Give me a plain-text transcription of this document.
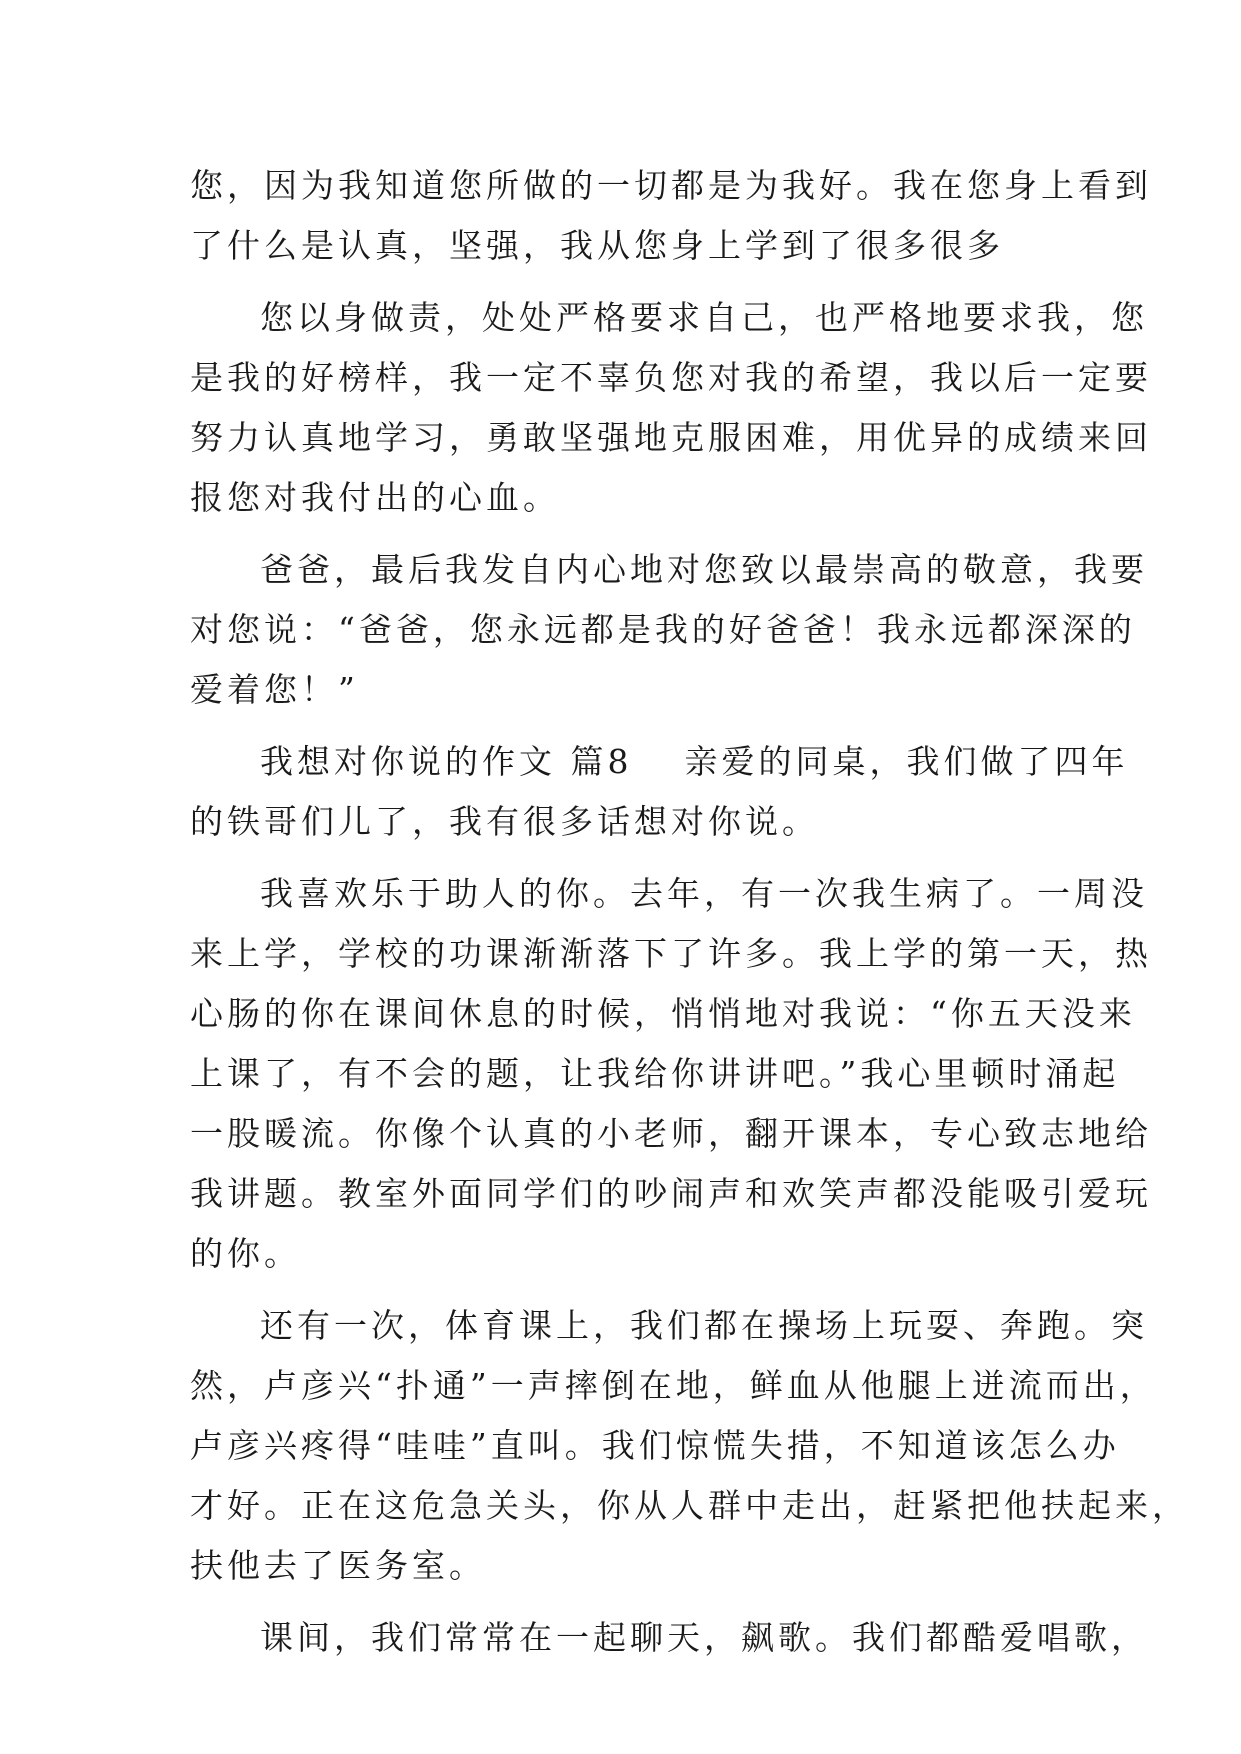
您，因为我知道您所做的一切都是为我好。我在您身上看到
了什么是认真，坚强，我从您身上学到了很多很多
您以身做责，处处严格要求自己，也严格地要求我，您
是我的好榜样，我一定不辜负您对我的希望，我以后一定要
努力认真地学习，勇敢坚强地克服困难，用优异的成绩来回
报您对我付出的心血。
爸爸，最后我发自内心地对您致以最崇高的敬意，我要
对您说：“爸爸，您永远都是我的好爸爸！我永远都深深的
爱着您！”
我想对你说的作文 篇8 亲爱的同桌，我们做了四年
的铁哥们儿了，我有很多话想对你说。
我喜欢乐于助人的你。去年，有一次我生病了。一周没
来上学，学校的功课渐渐落下了许多。我上学的第一天，热
心肠的你在课间休息的时候，悄悄地对我说：“你五天没来
上课了，有不会的题，让我给你讲讲吧。”我心里顿时涌起
一股暖流。你像个认真的小老师，翻开课本，专心致志地给
我讲题。教室外面同学们的吵闹声和欢笑声都没能吸引爱玩
的你。
还有一次，体育课上，我们都在操场上玩耍、奔跑。突
然，卢彦兴“扑通”一声摔倒在地，鲜血从他腿上迸流而出，
卢彦兴疼得“哇哇”直叫。我们惊慌失措，不知道该怎么办
才好。正在这危急关头，你从人群中走出，赶紧把他扶起来，
扶他去了医务室。
课间，我们常常在一起聊天，飙歌。我们都酷爱唱歌，
